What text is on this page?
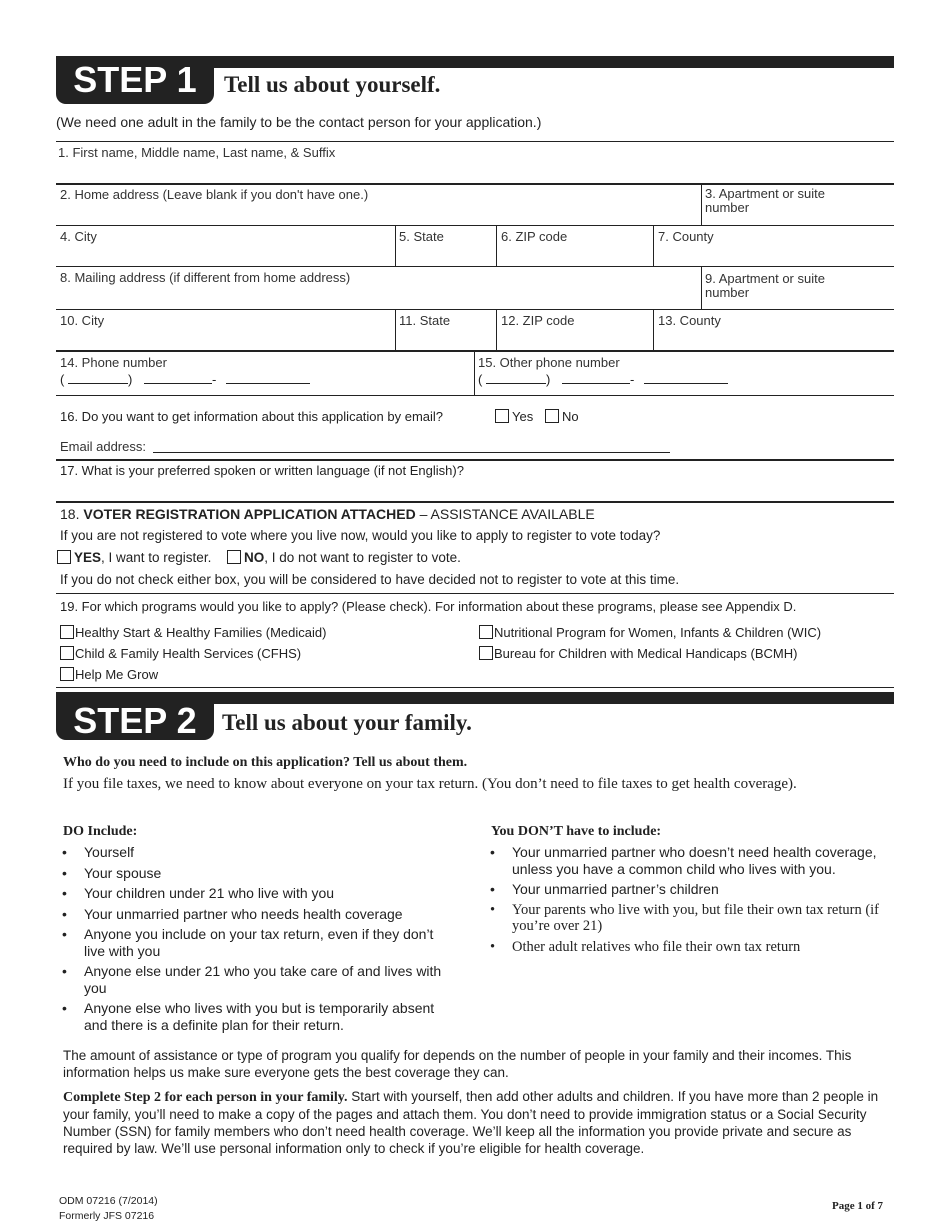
STEP 1	Tell us about yourself.
(We need one adult in the family to be the contact person for your application.)
1. First name, Middle name, Last name, & Suffix
2. Home address (Leave blank if you don't have one.)	3. Apartment or suite number
4. City	5. State	6. ZIP code	7. County
8. Mailing address (if different from home address)	9. Apartment or suite number
10. City	11. State	12. ZIP code	13. County
14. Phone number
(	)	-
15. Other phone number
(	)	-
16. Do you want to get information about this application by email?	Yes	No
Email address:
17. What is your preferred spoken or written language (if not English)?
18. VOTER REGISTRATION APPLICATION ATTACHED – ASSISTANCE AVAILABLE
If you are not registered to vote where you live now, would you like to apply to register to vote today?
YES, I want to register.	NO, I do not want to register to vote.
If you do not check either box, you will be considered to have decided not to register to vote at this time.
19. For which programs would you like to apply? (Please check). For information about these programs, please see Appendix D.
Healthy Start & Healthy Families (Medicaid)	Nutritional Program for Women, Infants & Children (WIC)
Child & Family Health Services (CFHS)	Bureau for Children with Medical Handicaps (BCMH)
Help Me Grow
STEP 2	Tell us about your family.
Who do you need to include on this application? Tell us about them.
If you file taxes, we need to know about everyone on your tax return. (You don’t need to file taxes to get health coverage).
DO Include:
• Yourself
• Your spouse
• Your children under 21 who live with you
• Your unmarried partner who needs health coverage
• Anyone you include on your tax return, even if they don’t live with you
• Anyone else under 21 who you take care of and lives with you
• Anyone else who lives with you but is temporarily absent and there is a definite plan for their return.
You DON’T have to include:
• Your unmarried partner who doesn’t need health coverage, unless you have a common child who lives with you.
• Your unmarried partner’s children
• Your parents who live with you, but file their own tax return (if you’re over 21)
• Other adult relatives who file their own tax return
The amount of assistance or type of program you qualify for depends on the number of people in your family and their incomes. This information helps us make sure everyone gets the best coverage they can.
Complete Step 2 for each person in your family. Start with yourself, then add other adults and children. If you have more than 2 people in your family, you’ll need to make a copy of the pages and attach them. You don’t need to provide immigration status or a Social Security Number (SSN) for family members who don’t need health coverage. We’ll keep all the information you provide private and secure as required by law. We’ll use personal information only to check if you’re eligible for health coverage.
ODM 07216 (7/2014)
Formerly JFS 07216
Page 1 of 7
